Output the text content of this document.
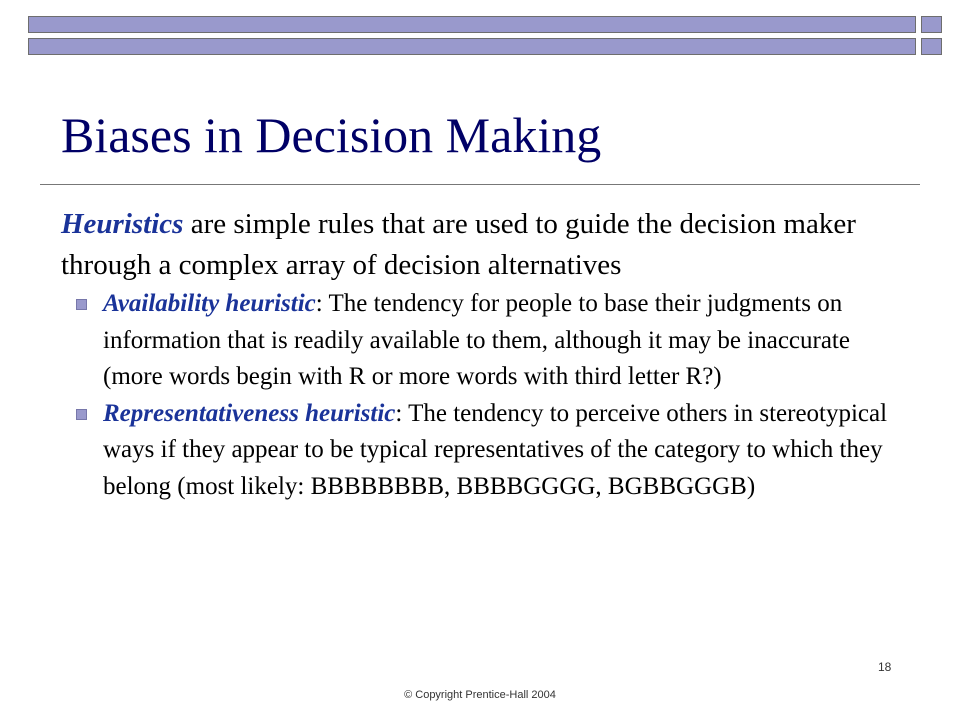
Biases in Decision Making

Heuristics are simple rules that are used to guide the decision maker through a complex array of decision alternatives

Availability heuristic: The tendency for people to base their judgments on information that is readily available to them, although it may be inaccurate (more words begin with R or more words with third letter R?)
Representativeness heuristic: The tendency to perceive others in stereotypical ways if they appear to be typical representatives of the category to which they belong (most likely: BBBBBBBB, BBBBGGGG, BGBBGGGB)
18
© Copyright Prentice-Hall 2004
